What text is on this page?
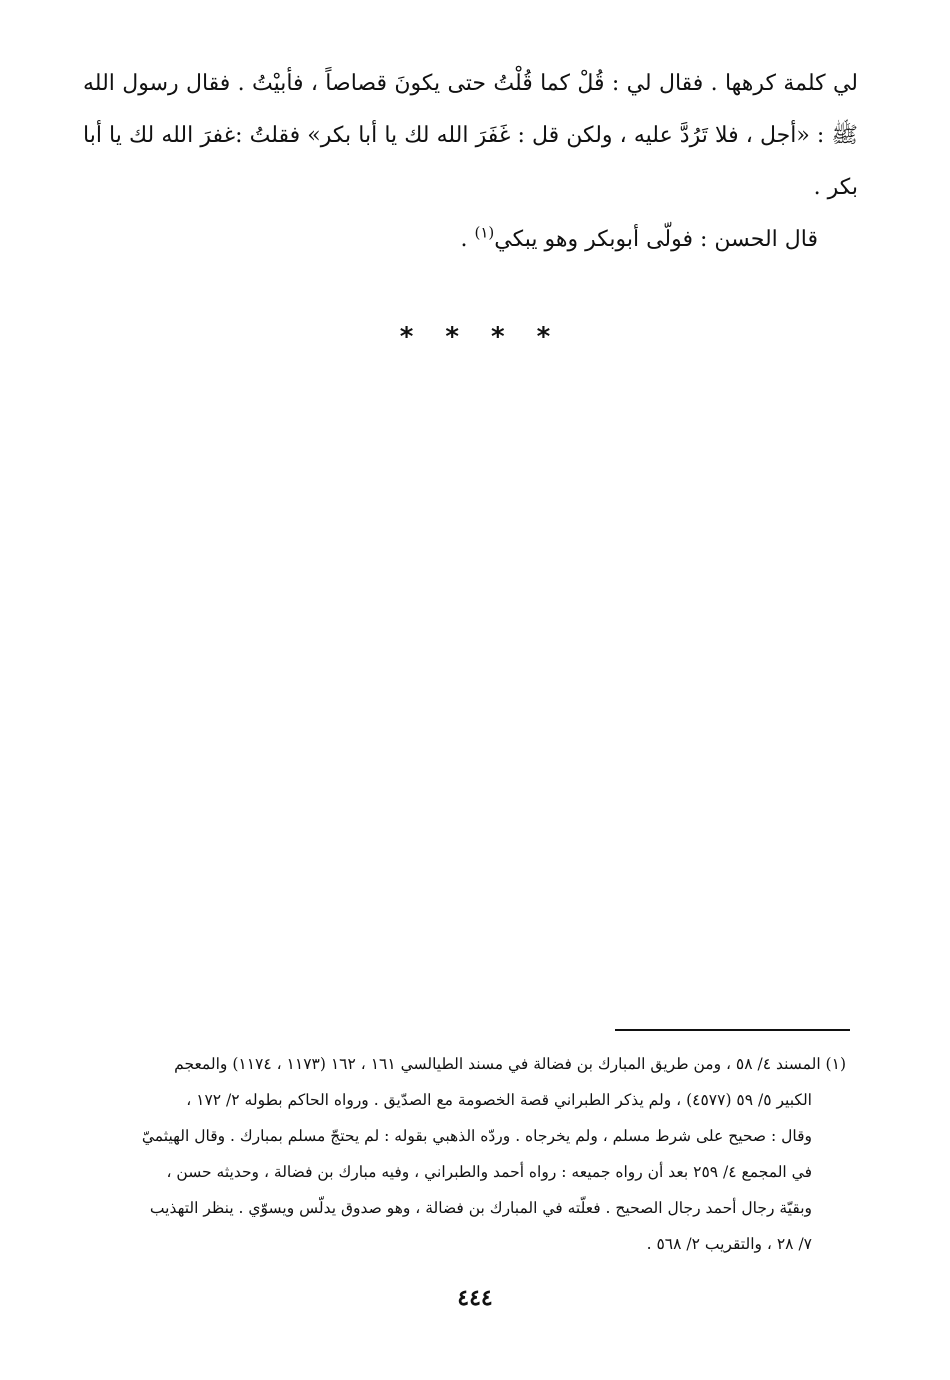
لي كلمة كرهها . فقال لي : قُلْ كما قُلْتُ حتى يكونَ قصاصاً ، فأبيْتُ . فقال رسول الله ﷺ : «أجل ، فلا تَرُدَّ عليه ، ولكن قل : غَفَرَ الله لك يا أبا بكر» فقلتُ :غفرَ الله لك يا أبا بكر .

قال الحسن : فولّى أبوبكر وهو يبكي$^{(١)}$ .

* * * *
(١) المسند ٤/ ٥٨ ، ومن طريق المبارك بن فضالة في مسند الطيالسي ١٦١ ، ١٦٢ (١١٧٣ ، ١١٧٤) والمعجم
الكبير ٥/ ٥٩ (٤٥٧٧) ، ولم يذكر الطبراني قصة الخصومة مع الصدّيق . ورواه الحاكم بطوله ٢/ ١٧٢ ،
وقال : صحيح على شرط مسلم ، ولم يخرجاه . وردّه الذهبي بقوله : لم يحتجّ مسلم بمبارك . وقال الهيثميّ
في المجمع ٤/ ٢٥٩ بعد أن رواه جميعه : رواه أحمد والطبراني ، وفيه مبارك بن فضالة ، وحديثه حسن ،
وبقيّة رجال أحمد رجال الصحيح . فعلّته في المبارك بن فضالة ، وهو صدوق يدلّس ويسوّي . ينظر التهذيب
٧/ ٢٨ ، والتقريب ٢/ ٥٦٨ .
٤٤٤
